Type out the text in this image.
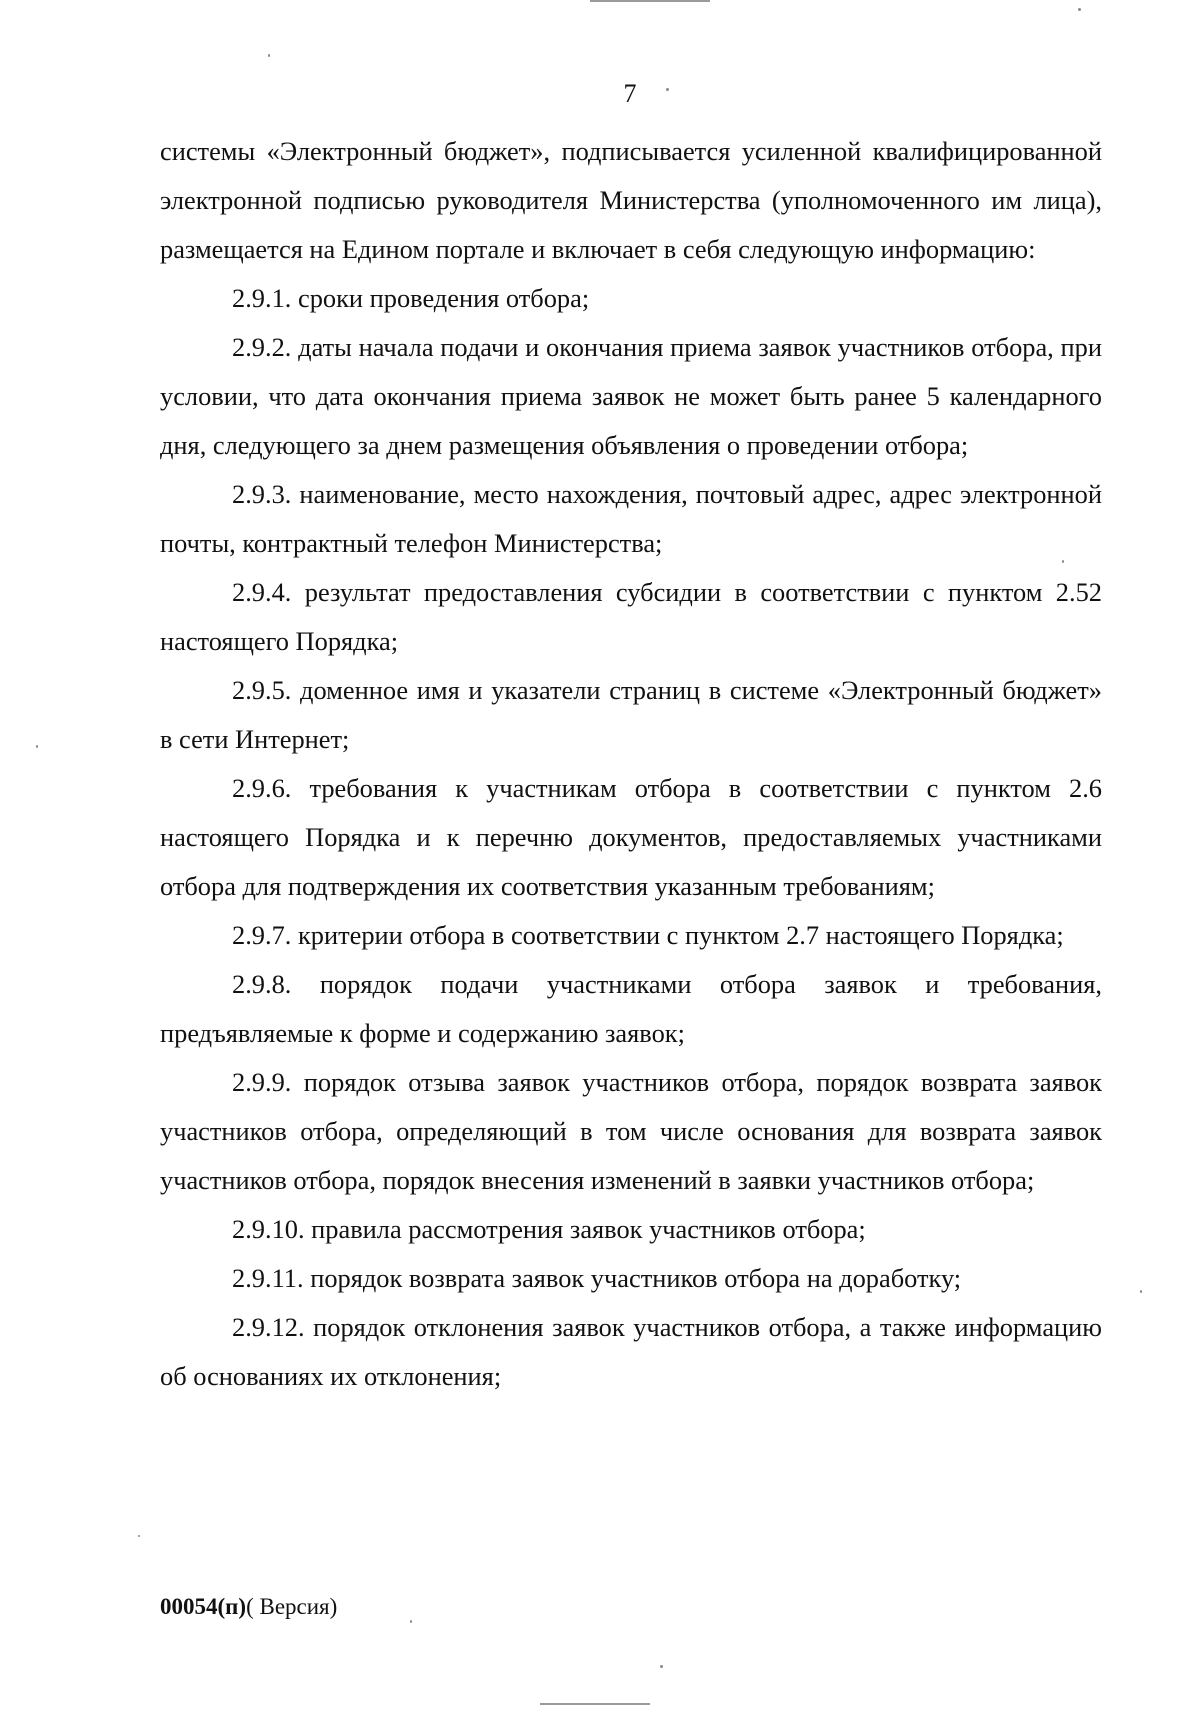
7

системы «Электронный бюджет», подписывается усиленной квалифицированной электронной подписью руководителя Министерства (уполномоченного им лица), размещается на Едином портале и включает в себя следующую информацию:

2.9.1. сроки проведения отбора;

2.9.2. даты начала подачи и окончания приема заявок участников отбора, при условии, что дата окончания приема заявок не может быть ранее 5 календарного дня, следующего за днем размещения объявления о проведении отбора;

2.9.3. наименование, место нахождения, почтовый адрес, адрес электронной почты, контрактный телефон Министерства;

2.9.4. результат предоставления субсидии в соответствии с пунктом 2.52 настоящего Порядка;

2.9.5. доменное имя и указатели страниц в системе «Электронный бюджет» в сети Интернет;

2.9.6. требования к участникам отбора в соответствии с пунктом 2.6 настоящего Порядка и к перечню документов, предоставляемых участниками отбора для подтверждения их соответствия указанным требованиям;

2.9.7. критерии отбора в соответствии с пунктом 2.7 настоящего Порядка;

2.9.8. порядок подачи участниками отбора заявок и требования, предъявляемые к форме и содержанию заявок;

2.9.9. порядок отзыва заявок участников отбора, порядок возврата заявок участников отбора, определяющий в том числе основания для возврата заявок участников отбора, порядок внесения изменений в заявки участников отбора;

2.9.10. правила рассмотрения заявок участников отбора;

2.9.11. порядок возврата заявок участников отбора на доработку;

2.9.12. порядок отклонения заявок участников отбора, а также информацию об основаниях их отклонения;

00054(п)( Версия)
